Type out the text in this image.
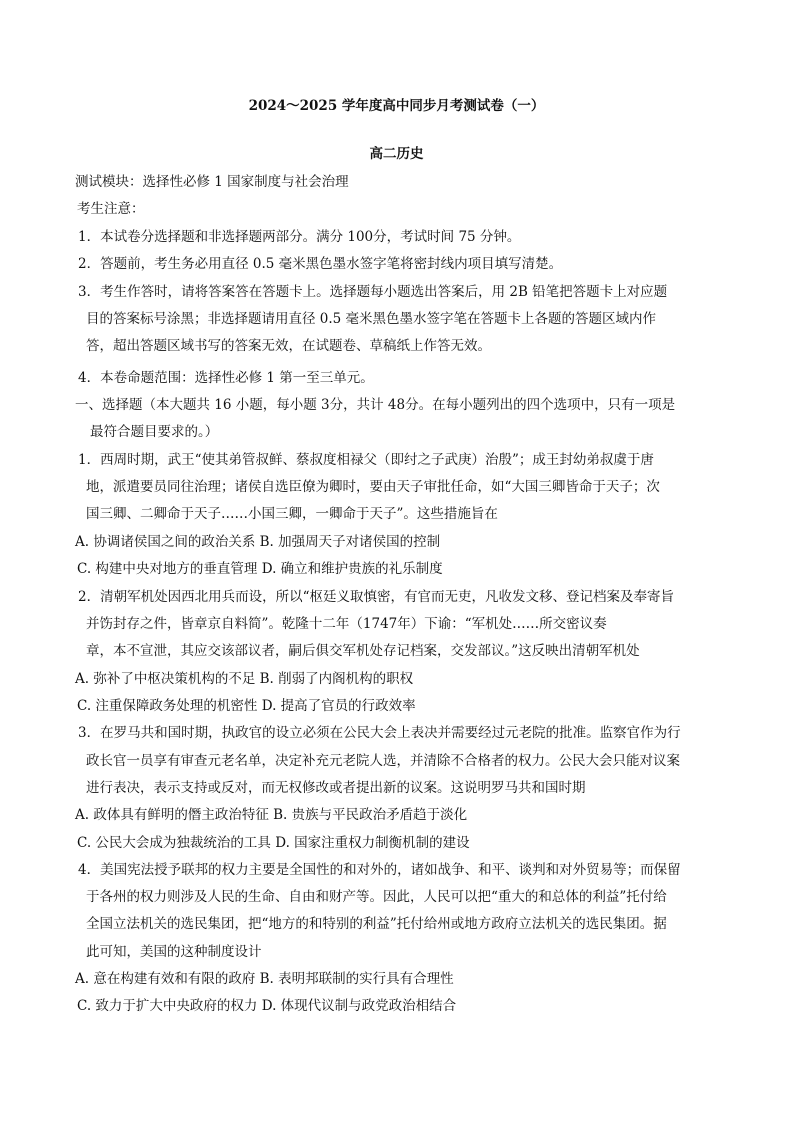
2024～2025 学年度高中同步月考测试卷（一）
高二历史
测试模块：选择性必修 1 国家制度与社会治理
考生注意：
1．本试卷分选择题和非选择题两部分。满分 100分，考试时间 75 分钟。
2．答题前，考生务必用直径 0.5 毫米黑色墨水签字笔将密封线内项目填写清楚。
3．考生作答时，请将答案答在答题卡上。选择题每小题选出答案后，用 2B 铅笔把答题卡上对应题
目的答案标号涂黑；非选择题请用直径 0.5 毫米黑色墨水签字笔在答题卡上各题的答题区域内作
答，超出答题区域书写的答案无效，在试题卷、草稿纸上作答无效。
4．本卷命题范围：选择性必修 1 第一至三单元。
一、选择题（本大题共 16 小题，每小题 3分，共计 48分。在每小题列出的四个选项中，只有一项是
最符合题目要求的。）
1．西周时期，武王“使其弟管叔鲜、蔡叔度相禄父（即纣之子武庚）治殷”；成王封幼弟叔虞于唐
地，派遣要员同往治理；诸侯自选臣僚为卿时，要由天子审批任命，如“大国三卿皆命于天子；次
国三卿、二卿命于天子……小国三卿，一卿命于天子”。这些措施旨在
A. 协调诸侯国之间的政治关系 B. 加强周天子对诸侯国的控制
C. 构建中央对地方的垂直管理 D. 确立和维护贵族的礼乐制度
2．清朝军机处因西北用兵而设，所以“枢廷义取慎密，有官而无吏，凡收发文移、登记档案及奉寄旨
并饬封存之件，皆章京自料简”。乾隆十二年（1747年）下谕：“军机处……所交密议奏
章，本不宣泄，其应交该部议者，嗣后俱交军机处存记档案，交发部议。”这反映出清朝军机处
A. 弥补了中枢决策机构的不足 B. 削弱了内阁机构的职权
C. 注重保障政务处理的机密性 D. 提高了官员的行政效率
3．在罗马共和国时期，执政官的设立必须在公民大会上表决并需要经过元老院的批准。监察官作为行
政长官一员享有审查元老名单，决定补充元老院人选，并清除不合格者的权力。公民大会只能对议案
进行表决，表示支持或反对，而无权修改或者提出新的议案。这说明罗马共和国时期
A. 政体具有鲜明的僭主政治特征 B. 贵族与平民政治矛盾趋于淡化
C. 公民大会成为独裁统治的工具 D. 国家注重权力制衡机制的建设
4．美国宪法授予联邦的权力主要是全国性的和对外的，诸如战争、和平、谈判和对外贸易等；而保留
于各州的权力则涉及人民的生命、自由和财产等。因此，人民可以把“重大的和总体的利益”托付给
全国立法机关的选民集团，把“地方的和特别的利益”托付给州或地方政府立法机关的选民集团。据
此可知，美国的这种制度设计
A. 意在构建有效和有限的政府 B. 表明邦联制的实行具有合理性
C. 致力于扩大中央政府的权力 D. 体现代议制与政党政治相结合
